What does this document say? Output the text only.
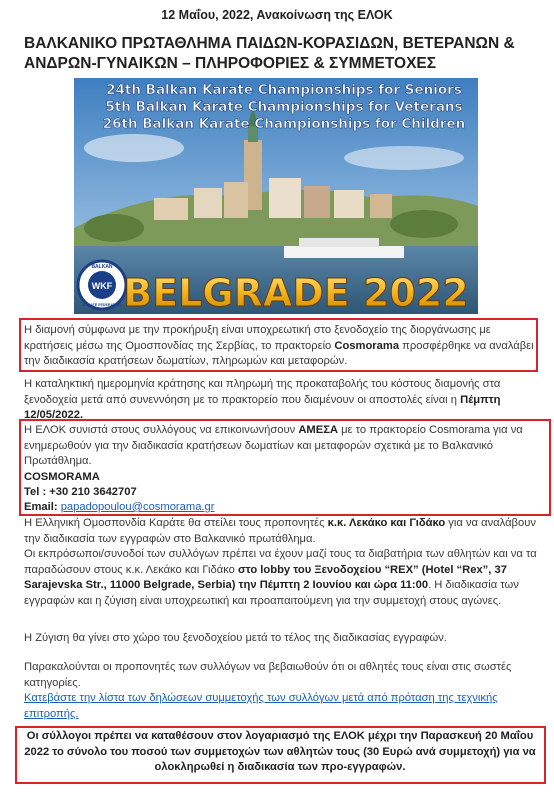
12 Μαΐου, 2022, Ανακοίνωση της ΕΛΟΚ
ΒΑΛΚΑΝΙΚΟ ΠΡΩΤΑΘΛΗΜΑ ΠΑΙΔΩΝ-ΚΟΡΑΣΙΔΩΝ, ΒΕΤΕΡΑΝΩΝ & ΑΝΔΡΩΝ-ΓΥΝΑΙΚΩΝ – ΠΛΗΡΟΦΟΡΙΕΣ & ΣΥΜΜΕΤΟΧΕΣ
WKF
BALKAN
KARATE FEDERATION
24th Balkan Karate Championships for Seniors
5th Balkan Karate Championships for Veterans
26th Balkan Karate Championships for Children
BELGRADE 2022
Η διαμονή σύμφωνα με την προκήρυξη είναι υποχρεωτική στο ξενοδοχείο της διοργάνωσης με κρατήσεις μέσω της Ομοσπονδίας της Σερβίας, το πρακτορείο Cosmorama προσφέρθηκε να αναλάβει την διαδικασία κρατήσεων δωματίων, πληρωμών και μεταφορών.
Η καταληκτική ημερομηνία κράτησης και πληρωμή της προκαταβολής του κόστους διαμονής στα ξενοδοχεία μετά από συνεννόηση με το πρακτορείο που διαμένουν οι αποστολές είναι η Πέμπτη 12/05/2022.
Η ΕΛΟΚ συνιστά στους συλλόγους να επικοινωνήσουν ΑΜΕΣΑ με το πρακτορείο Cosmorama για να ενημερωθούν για την διαδικασία κρατήσεων δωματίων και μεταφορών σχετικά με το Βαλκανικό Πρωτάθλημα.
COSMORAMA
Tel : +30 210 3642707
Email: papadopoulou@cosmorama.gr
Η Ελληνική Ομοσπονδία Καράτε θα στείλει τους προπονητές κ.κ. Λεκάκο και Γιδάκο για να αναλάβουν την διαδικασία των εγγραφών στο Βαλκανικό πρωτάθλημα.
Οι εκπρόσωποι/συνοδοί των συλλόγων πρέπει να έχουν μαζί τους τα διαβατήρια των αθλητών και να τα παραδώσουν στους κ.κ. Λεκάκο και Γιδάκο στο lobby του Ξενοδοχείου “REX” (Hotel “Rex”, 37 Sarajevska Str., 11000 Belgrade, Serbia) την Πέμπτη 2 Ιουνίου και ώρα 11:00. Η διαδικασία των εγγραφών και η ζύγιση είναι υποχρεωτική και προαπαιτούμενη για την συμμετοχή στους αγώνες.
Η Ζύγιση θα γίνει στο χώρο του ξενοδοχείου μετά το τέλος της διαδικασίας εγγραφών.
Παρακαλούνται οι προπονητές των συλλόγων να βεβαιωθούν ότι οι αθλητές τους είναι στις σωστές κατηγορίες.
Κατεβάστε την λίστα των δηλώσεων συμμετοχής των συλλόγων μετά από πρόταση της τεχνικής επιτροπής.
Οι σύλλογοι πρέπει να καταθέσουν στον λογαριασμό της ΕΛΟΚ μέχρι την Παρασκευή 20 Μαΐου 2022 το σύνολο του ποσού των συμμετοχών των αθλητών τους (30 Ευρώ ανά συμμετοχή) για να ολοκληρωθεί η διαδικασία των προ-εγγραφών.
